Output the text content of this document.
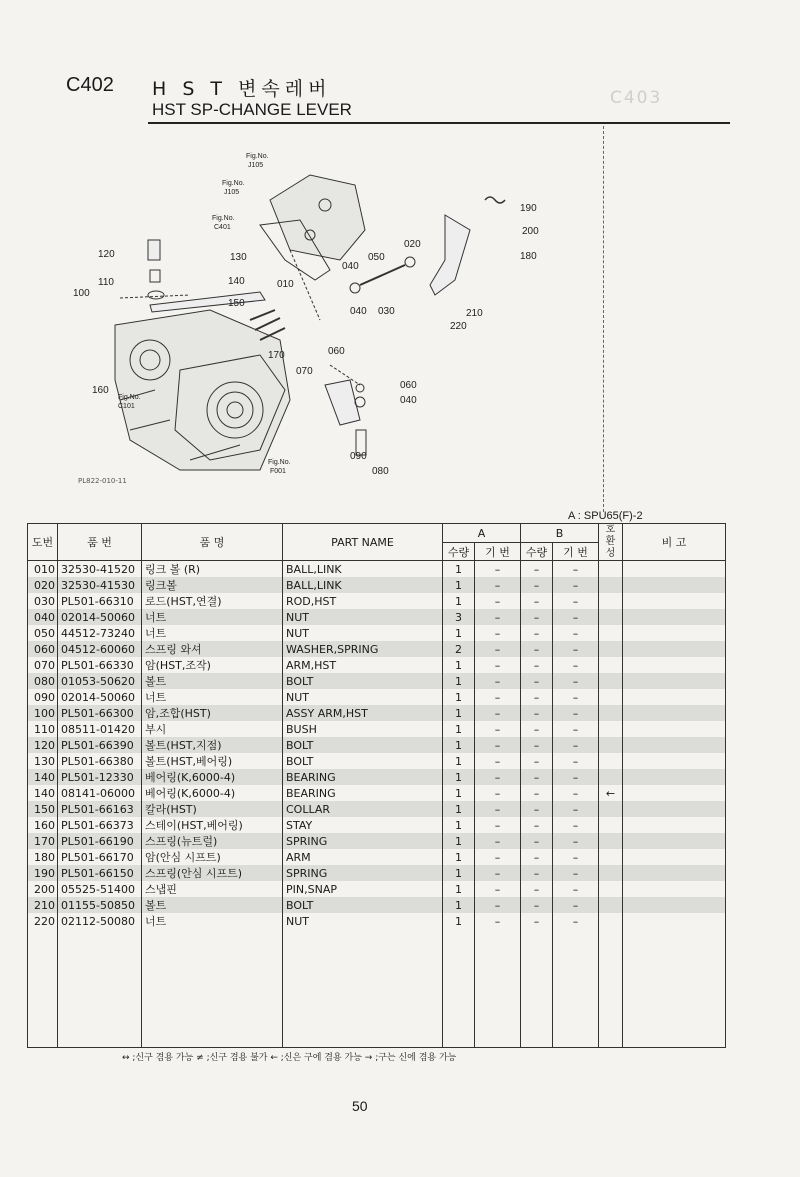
C402 H S T 변속레버
HST SP-CHANGE LEVER
C403
Fig.No.
J105
Fig.No.
J105
Fig.No.
C401
Fig.No.
C101
Fig.No.
F001
190
200
180
020
130
140
150
120
110
100
040
050
010
040 030	210
220
060
170
070
060
040
160
090
080
PL822-010-11
A : SPU65(F)-2
도번	품 번	품 명	PART NAME	A		B		호환성	비 고
				수량	기 번	수량	기 번		
010	32530-41520	링크 볼 (R)	BALL,LINK	1	–	–	–		
020	32530-41530	링크볼	BALL,LINK	1	–	–	–		
030	PL501-66310	로드(HST,연결)	ROD,HST	1	–	–	–		
040	02014-50060	너트	NUT	3	–	–	–		
050	44512-73240	너트	NUT	1	–	–	–		
060	04512-60060	스프링 와셔	WASHER,SPRING	2	–	–	–		
070	PL501-66330	암(HST,조작)	ARM,HST	1	–	–	–		
080	01053-50620	볼트	BOLT	1	–	–	–		
090	02014-50060	너트	NUT	1	–	–	–		
100	PL501-66300	암,조합(HST)	ASSY ARM,HST	1	–	–	–		
110	08511-01420	부시	BUSH	1	–	–	–		
120	PL501-66390	볼트(HST,지점)	BOLT	1	–	–	–		
130	PL501-66380	볼트(HST,베어링)	BOLT	1	–	–	–		
140	PL501-12330	베어링(K,6000-4)	BEARING	1	–	–	–		
140	08141-06000	베어링(K,6000-4)	BEARING	1	–	–	–	←	
150	PL501-66163	칼라(HST)	COLLAR	1	–	–	–		
160	PL501-66373	스테이(HST,베어링)	STAY	1	–	–	–		
170	PL501-66190	스프링(뉴트럴)	SPRING	1	–	–	–		
180	PL501-66170	암(안심 시프트)	ARM	1	–	–	–		
190	PL501-66150	스프링(안심 시프트)	SPRING	1	–	–	–		
200	05525-51400	스냅핀	PIN,SNAP	1	–	–	–		
210	01155-50850	볼트	BOLT	1	–	–	–		
220	02112-50080	너트	NUT	1	–	–	–		

↔ ;신구 겸용 가능 ≠ ;신구 겸용 불가 ← ;신은 구에 겸용 가능 → ;구는 신에 겸용 가능
50
